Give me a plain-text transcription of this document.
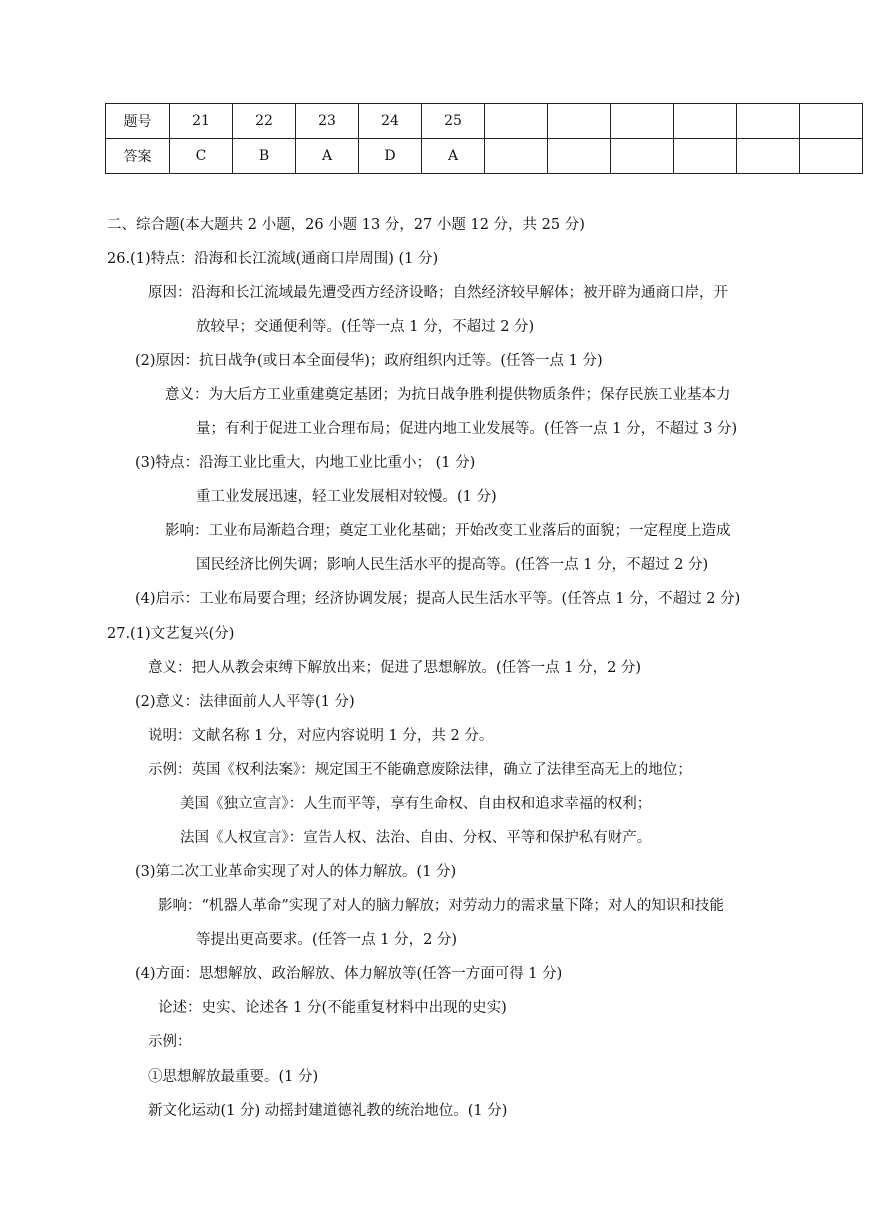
题号	21	22	23	24	25						
答案	C	B	A	D	A						
二、综合题(本大题共 2 小题，26 小题 13 分，27 小题 12 分，共 25 分)
26.(1)特点：沿海和长江流域(通商口岸周围) (1 分)
原因：沿海和长江流域最先遭受西方经济设略；自然经济较早解体；被开辟为通商口岸，开
放较早；交通便利等。(任等一点 1 分，不超过 2 分)
(2)原因：抗日战争(或日本全面侵华)；政府组织内迁等。(任答一点 1 分)
意义：为大后方工业重建奠定基团；为抗日战争胜利提供物质条件；保存民族工业基本力
量；有利于促进工业合理布局；促进内地工业发展等。(任答一点 1 分，不超过 3 分)
(3)特点：沿海工业比重大，内地工业比重小； (1 分)
重工业发展迅速，轻工业发展相对较慢。(1 分)
影响：工业布局渐趋合理；奠定工业化基础；开始改变工业落后的面貌；一定程度上造成
国民经济比例失调；影响人民生活水平的提高等。(任答一点 1 分，不超过 2 分)
(4)启示：工业布局要合理；经济协调发展；提高人民生活水平等。(任答点 1 分，不超过 2 分)
27.(1)文艺复兴(分)
意义：把人从教会束缚下解放出来；促进了思想解放。(任答一点 1 分，2 分)
(2)意义：法律面前人人平等(1 分)
说明：文献名称 1 分，对应内容说明 1 分，共 2 分。
示例：英国《权利法案》：规定国王不能确意废除法律，确立了法律至高无上的地位；
美国《独立宣言》：人生而平等，享有生命权、自由权和追求幸福的权利；
法国《人权宣言》：宣告人权、法治、自由、分权、平等和保护私有财产。
(3)第二次工业革命实现了对人的体力解放。(1 分)
影响：“机器人革命”实现了对人的脑力解放；对劳动力的需求量下降；对人的知识和技能
等提出更高要求。(任答一点 1 分，2 分)
(4)方面：思想解放、政治解放、体力解放等(任答一方面可得 1 分)
论述：史实、论述各 1 分(不能重复材料中出现的史实)
示例：
①思想解放最重要。(1 分)
新文化运动(1 分) 动摇封建道德礼教的统治地位。(1 分)
